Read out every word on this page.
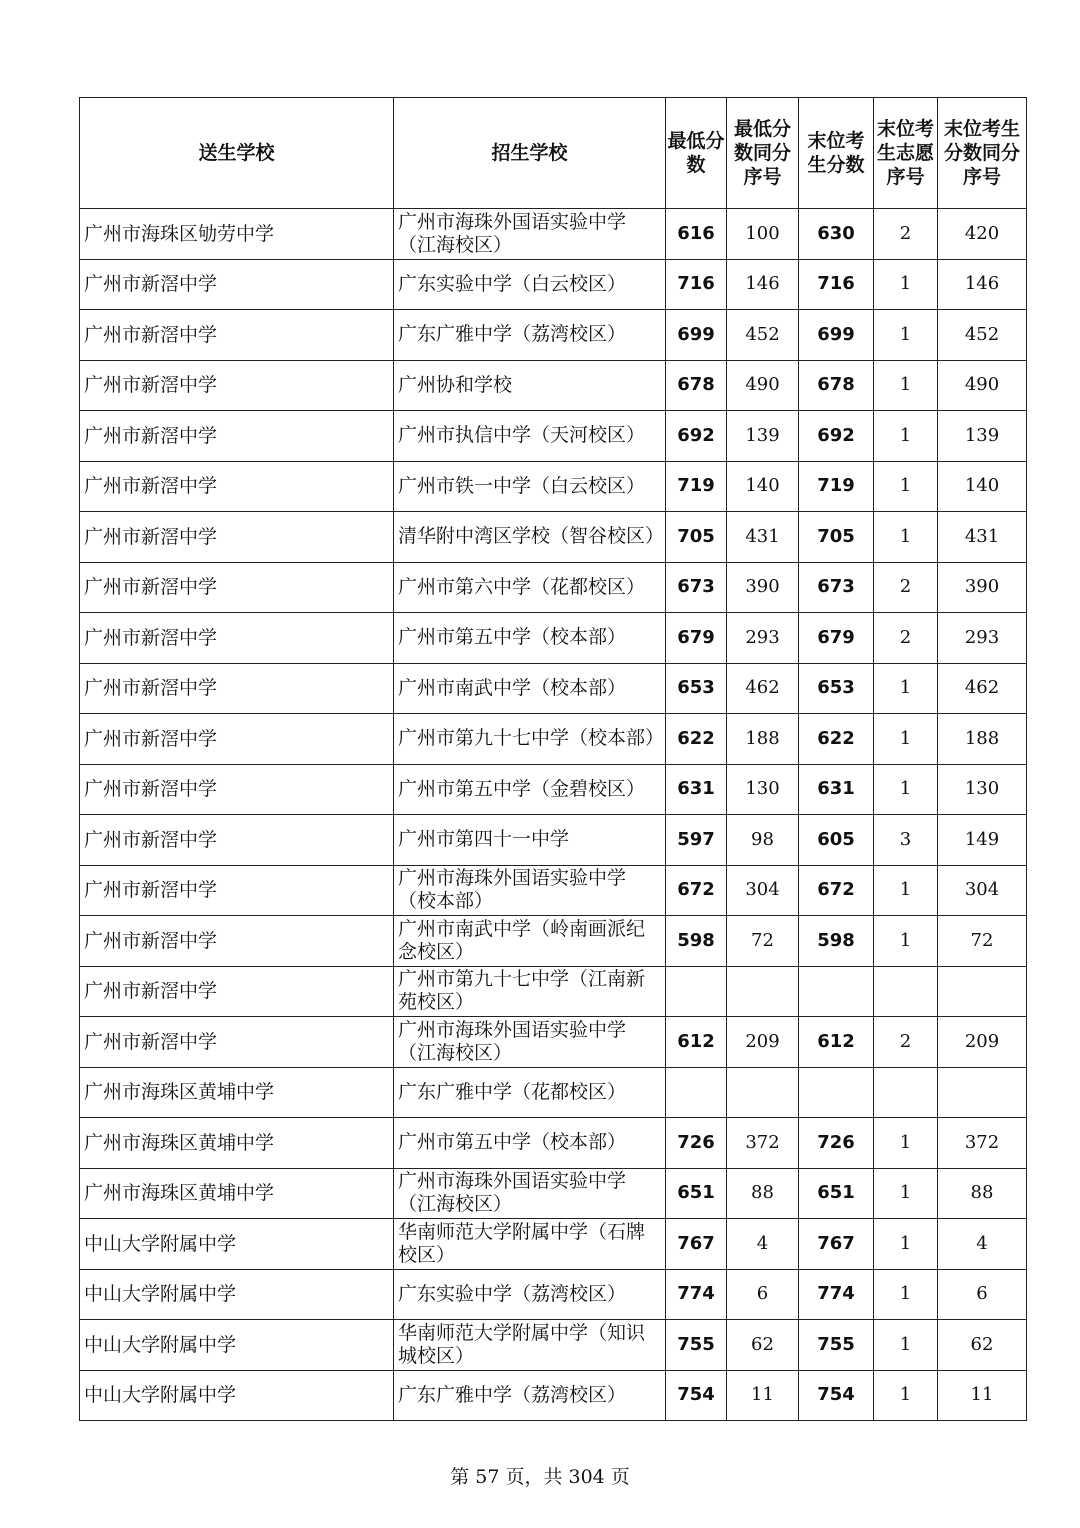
送生学校	招生学校	最低分数	最低分数同分序号	末位考生分数	末位考生志愿序号	末位考生分数同分序号
广州市海珠区劬劳中学	广州市海珠外国语实验中学（江海校区）	616	100	630	2	420
广州市新滘中学	广东实验中学（白云校区）	716	146	716	1	146
广州市新滘中学	广东广雅中学（荔湾校区）	699	452	699	1	452
广州市新滘中学	广州协和学校	678	490	678	1	490
广州市新滘中学	广州市执信中学（天河校区）	692	139	692	1	139
广州市新滘中学	广州市铁一中学（白云校区）	719	140	719	1	140
广州市新滘中学	清华附中湾区学校（智谷校区）	705	431	705	1	431
广州市新滘中学	广州市第六中学（花都校区）	673	390	673	2	390
广州市新滘中学	广州市第五中学（校本部）	679	293	679	2	293
广州市新滘中学	广州市南武中学（校本部）	653	462	653	1	462
广州市新滘中学	广州市第九十七中学（校本部）	622	188	622	1	188
广州市新滘中学	广州市第五中学（金碧校区）	631	130	631	1	130
广州市新滘中学	广州市第四十一中学	597	98	605	3	149
广州市新滘中学	广州市海珠外国语实验中学（校本部）	672	304	672	1	304
广州市新滘中学	广州市南武中学（岭南画派纪念校区）	598	72	598	1	72
广州市新滘中学	广州市第九十七中学（江南新苑校区）					
广州市新滘中学	广州市海珠外国语实验中学（江海校区）	612	209	612	2	209
广州市海珠区黄埔中学	广东广雅中学（花都校区）					
广州市海珠区黄埔中学	广州市第五中学（校本部）	726	372	726	1	372
广州市海珠区黄埔中学	广州市海珠外国语实验中学（江海校区）	651	88	651	1	88
中山大学附属中学	华南师范大学附属中学（石牌校区）	767	4	767	1	4
中山大学附属中学	广东实验中学（荔湾校区）	774	6	774	1	6
中山大学附属中学	华南师范大学附属中学（知识城校区）	755	62	755	1	62
中山大学附属中学	广东广雅中学（荔湾校区）	754	11	754	1	11
第 57 页，共 304 页
